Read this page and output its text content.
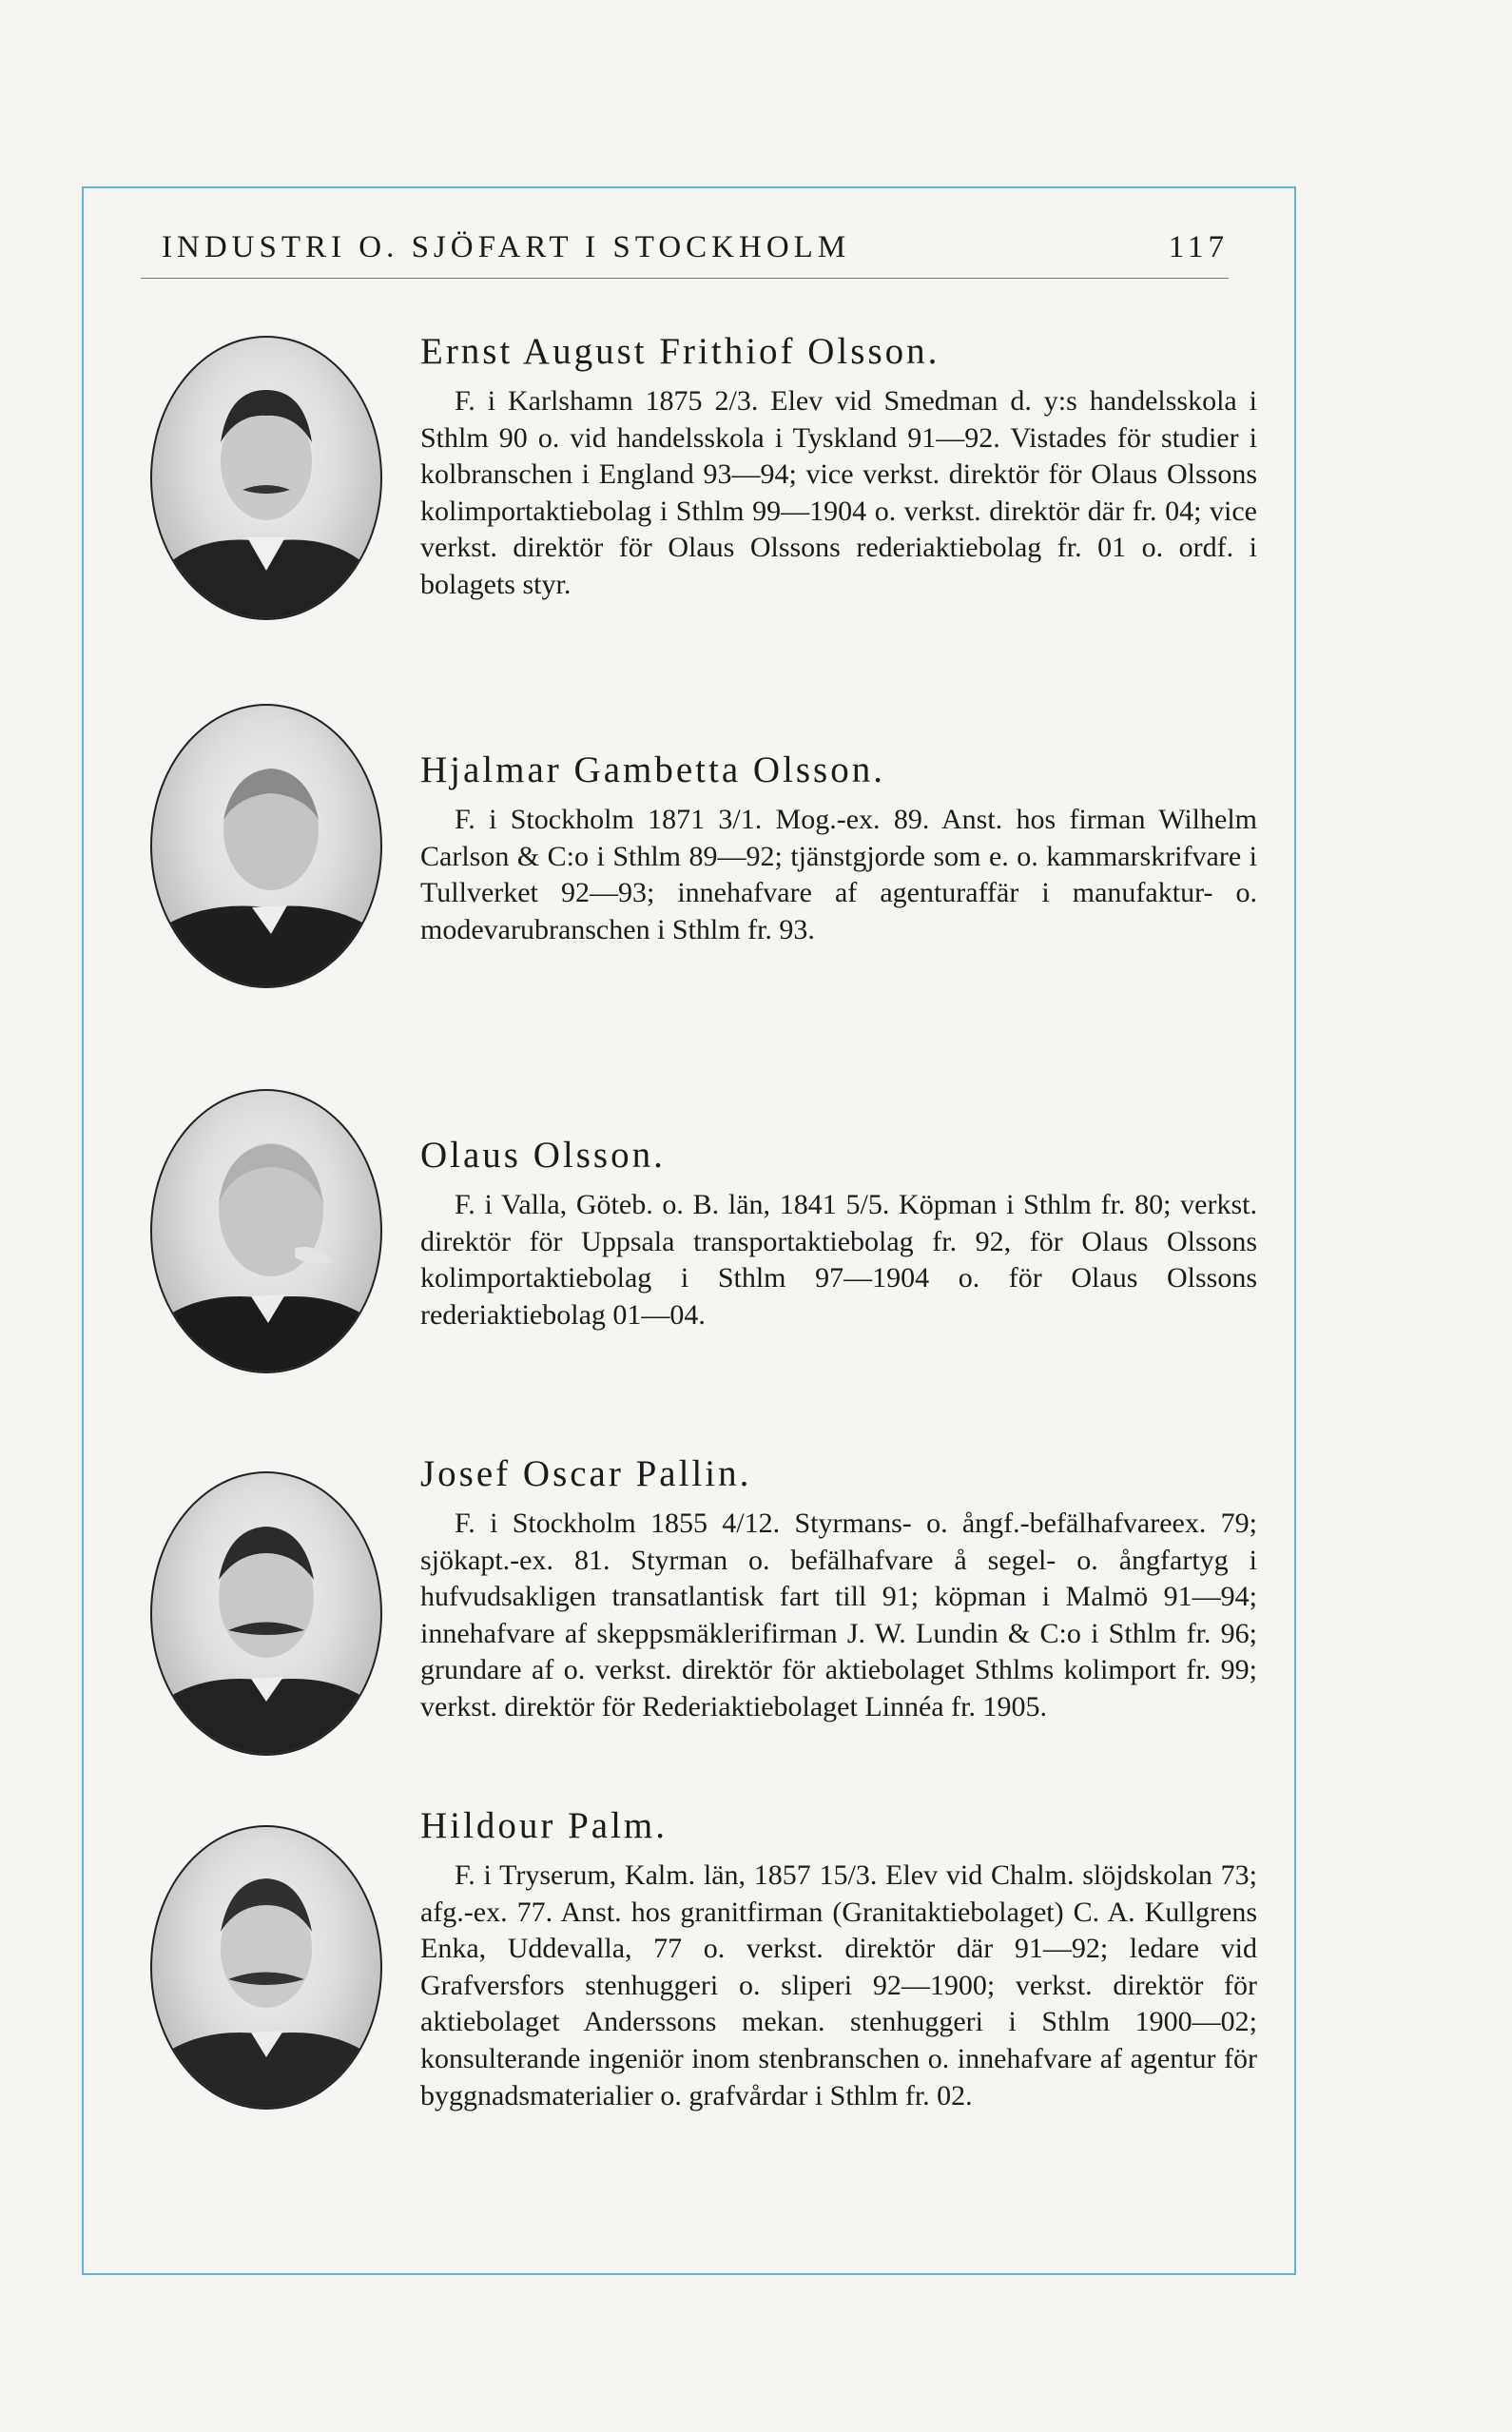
INDUSTRI O. SJÖFART I STOCKHOLM	117
Ernst August Frithiof Olsson.
F. i Karlshamn 1875 2/3. Elev vid Smedman d. y:s handelsskola i Sthlm 90 o. vid handelsskola i Tyskland 91—92. Vistades för studier i kolbranschen i England 93—94; vice verkst. direktör för Olaus Olssons kolimportaktiebolag i Sthlm 99—1904 o. verkst. direktör där fr. 04; vice verkst. direktör för Olaus Olssons rederiaktiebolag fr. 01 o. ordf. i bolagets styr.
Hjalmar Gambetta Olsson.
F. i Stockholm 1871 3/1. Mog.-ex. 89. Anst. hos firman Wilhelm Carlson & C:o i Sthlm 89—92; tjänstgjorde som e. o. kammarskrifvare i Tullverket 92—93; innehafvare af agenturaffär i manufaktur- o. modevarubranschen i Sthlm fr. 93.
Olaus Olsson.
F. i Valla, Göteb. o. B. län, 1841 5/5. Köpman i Sthlm fr. 80; verkst. direktör för Uppsala transportaktiebolag fr. 92, för Olaus Olssons kolimportaktiebolag i Sthlm 97—1904 o. för Olaus Olssons rederiaktiebolag 01—04.
Josef Oscar Pallin.
F. i Stockholm 1855 4/12. Styrmans- o. ångf.-befälhafvareex. 79; sjökapt.-ex. 81. Styrman o. befälhafvare å segel- o. ångfartyg i hufvudsakligen transatlantisk fart till 91; köpman i Malmö 91—94; innehafvare af skeppsmäklerifirman J. W. Lundin & C:o i Sthlm fr. 96; grundare af o. verkst. direktör för aktiebolaget Sthlms kolimport fr. 99; verkst. direktör för Rederiaktiebolaget Linnéa fr. 1905.
Hildour Palm.
F. i Tryserum, Kalm. län, 1857 15/3. Elev vid Chalm. slöjdskolan 73; afg.-ex. 77. Anst. hos granitfirman (Granitaktiebolaget) C. A. Kullgrens Enka, Uddevalla, 77 o. verkst. direktör där 91—92; ledare vid Grafversfors stenhuggeri o. sliperi 92—1900; verkst. direktör för aktiebolaget Anderssons mekan. stenhuggeri i Sthlm 1900—02; konsulterande ingeniör inom stenbranschen o. innehafvare af agentur för byggnadsmaterialier o. grafvårdar i Sthlm fr. 02.
